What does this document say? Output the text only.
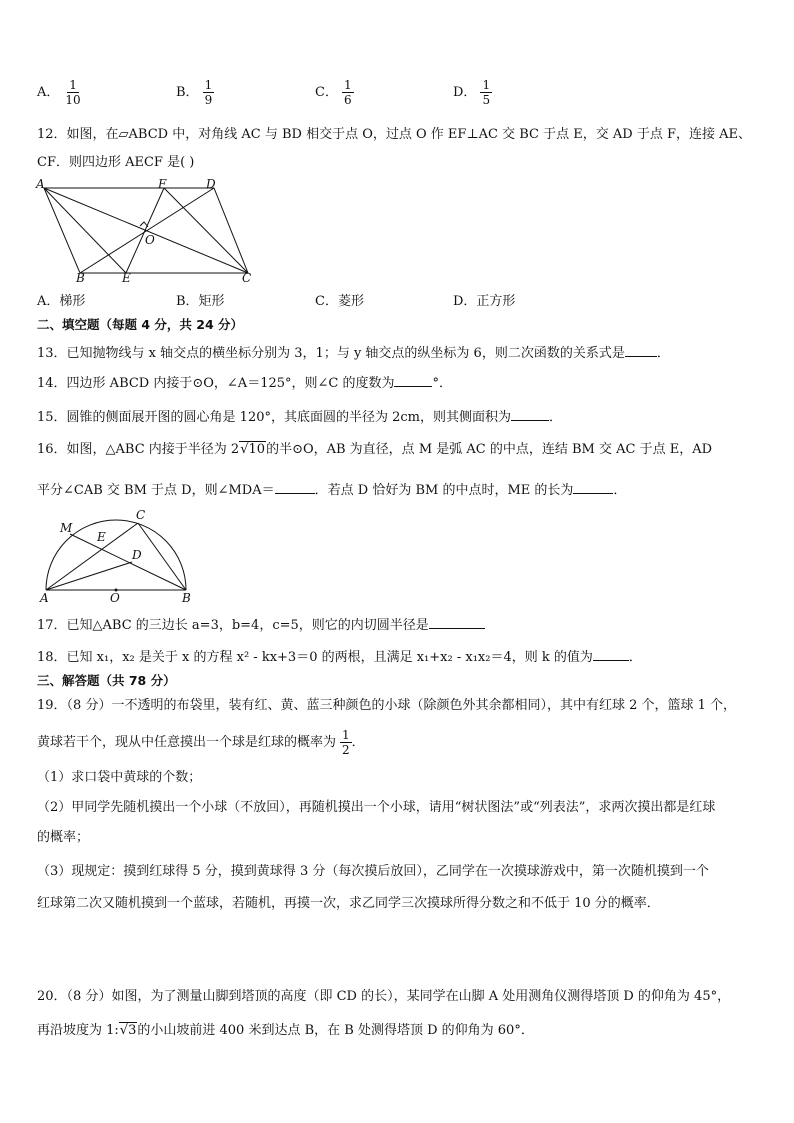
A． $\frac{1}{10}$	B． $\frac{1}{9}$	C． $\frac{1}{6}$	D． $\frac{1}{5}$
12．如图，在▱ABCD 中，对角线 AC 与 BD 相交于点 O，过点 O 作 EF⊥AC 交 BC 于点 E，交 AD 于点 F，连接 AE、
CF．则四边形 AECF 是( )
A	F	D
O
B	E	C
A．梯形	B．矩形	C．菱形	D．正方形
二、填空题（每题 4 分，共 24 分）
13．已知抛物线与 x 轴交点的横坐标分别为 3，1；与 y 轴交点的纵坐标为 6，则二次函数的关系式是 ．
14．四边形 ABCD 内接于⊙O，∠A＝125°，则∠C 的度数为	°．
15．圆锥的侧面展开图的圆心角是 120°，其底面圆的半径为 2cm，则其侧面积为	．
16．如图，△ABC 内接于半径为 2√10的半⊙O，AB 为直径，点 M 是弧 AC 的中点，连结 BM 交 AC 于点 E，AD
平分∠CAB 交 BM 于点 D，则∠MDA＝	．若点 D 恰好为 BM 的中点时，ME 的长为	．
M
C
E
D
A	O	B
17．已知△ABC 的三边长 a=3，b=4，c=5，则它的内切圆半径是
18．已知 x₁，x₂ 是关于 x 的方程 x² - kx+3＝0 的两根，且满足 x₁+x₂ - x₁x₂＝4，则 k 的值为	．
三、解答题（共 78 分）
19．（8 分）一不透明的布袋里，装有红、黄、蓝三种颜色的小球（除颜色外其余都相同），其中有红球 2 个，篮球 1 个，
黄球若干个，现从中任意摸出一个球是红球的概率为 $\frac{1}{2}$ ．
（1）求口袋中黄球的个数；
（2）甲同学先随机摸出一个小球（不放回），再随机摸出一个小球，请用“树状图法”或“列表法”，求两次摸出都是红球
的概率；
（3）现规定：摸到红球得 5 分，摸到黄球得 3 分（每次摸后放回），乙同学在一次摸球游戏中，第一次随机摸到一个
红球第二次又随机摸到一个蓝球，若随机，再摸一次，求乙同学三次摸球所得分数之和不低于 10 分的概率．
20．（8 分）如图，为了测量山脚到塔顶的高度（即 CD 的长），某同学在山脚 A 处用测角仪测得塔顶 D 的仰角为 45°，
再沿坡度为 1:√3的小山坡前进 400 米到达点 B，在 B 处测得塔顶 D 的仰角为 60°．
